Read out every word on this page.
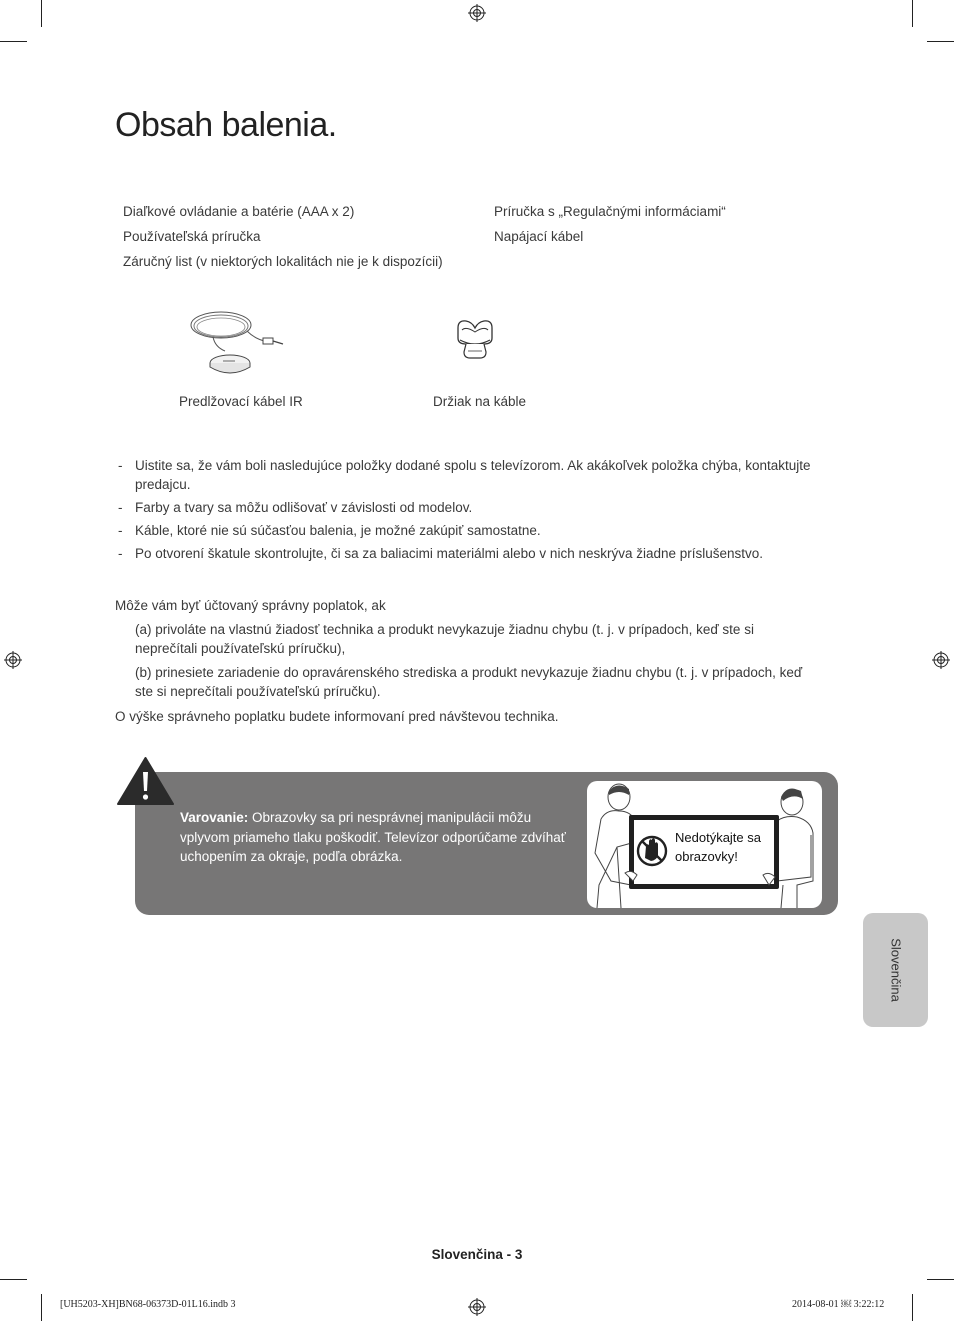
Obsah balenia.
Diaľkové ovládanie a batérie (AAA x 2)
Používateľská príručka
Záručný list (v niektorých lokalitách nie je k dispozícii)
Príručka s „Regulačnými informáciami“
Napájací kábel
Predlžovací kábel IR	Držiak na káble
- Uistite sa, že vám boli nasledujúce položky dodané spolu s televízorom. Ak akákoľvek položka chýba, kontaktujte predajcu.
- Farby a tvary sa môžu odlišovať v závislosti od modelov.
- Káble, ktoré nie sú súčasťou balenia, je možné zakúpiť samostatne.
- Po otvorení škatule skontrolujte, či sa za baliacimi materiálmi alebo v nich neskrýva žiadne príslušenstvo.
Môže vám byť účtovaný správny poplatok, ak
(a) privoláte na vlastnú žiadosť technika a produkt nevykazuje žiadnu chybu (t. j. v prípadoch, keď ste si neprečítali používateľskú príručku),
(b) prinesiete zariadenie do opravárenského strediska a produkt nevykazuje žiadnu chybu (t. j. v prípadoch, keď ste si neprečítali používateľskú príručku).
O výške správneho poplatku budete informovaní pred návštevou technika.
Varovanie: Obrazovky sa pri nesprávnej manipulácii môžu vplyvom priameho tlaku poškodiť. Televízor odporúčame zdvíhať uchopením za okraje, podľa obrázka.
Nedotýkajte sa
obrazovky!
Slovenčina
Slovenčina - 3
[UH5203-XH]BN68-06373D-01L16.indb 3	2014-08-01 ￼ 3:22:12
